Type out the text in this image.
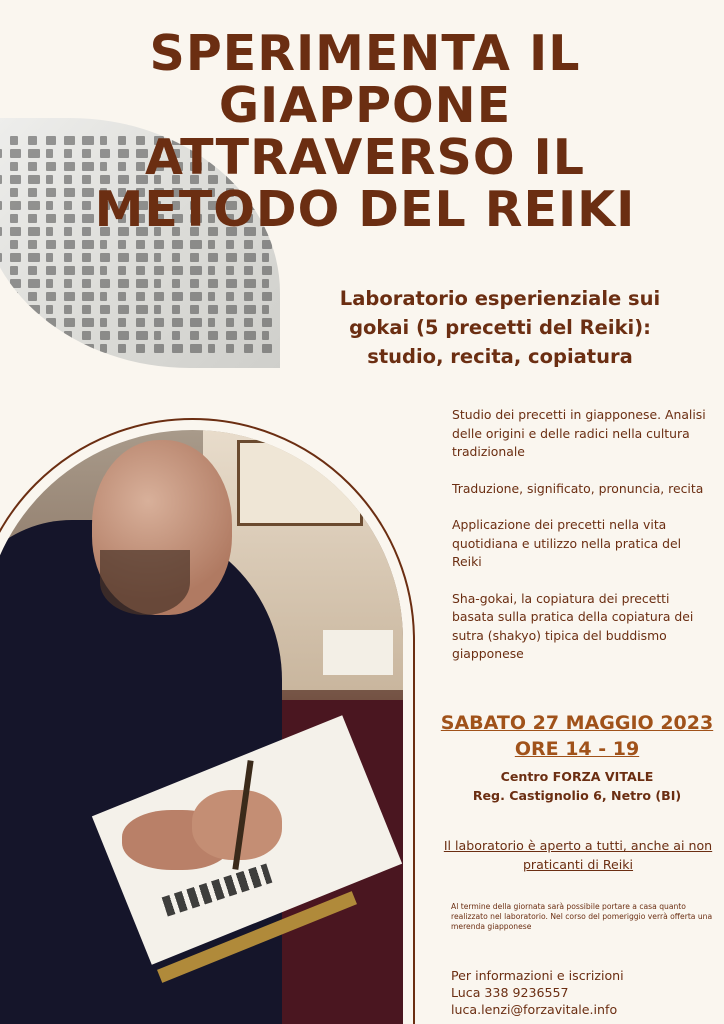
SPERIMENTA IL
GIAPPONE
ATTRAVERSO IL
METODO DEL REIKI
Laboratorio esperienziale sui
gokai (5 precetti del Reiki):
studio, recita, copiatura

Studio dei precetti in giapponese. Analisi delle origini e delle radici nella cultura tradizionale

Traduzione, significato, pronuncia, recita

Applicazione dei precetti nella vita quotidiana e utilizzo nella pratica del Reiki

Sha-gokai, la copiatura dei precetti basata sulla pratica della copiatura dei sutra (shakyo) tipica del buddismo giapponese

SABATO 27 MAGGIO 2023

ORE 14 - 19

Centro FORZA VITALE
Reg. Castignolio 6, Netro (BI)

Il laboratorio è aperto a tutti, anche ai non praticanti di Reiki

Al termine della giornata sarà possibile portare a casa quanto realizzato nel laboratorio. Nel corso del pomeriggio verrà offerta una merenda giapponese

Per informazioni e iscrizioni
Luca 338 9236557
luca.lenzi@forzavitale.info
